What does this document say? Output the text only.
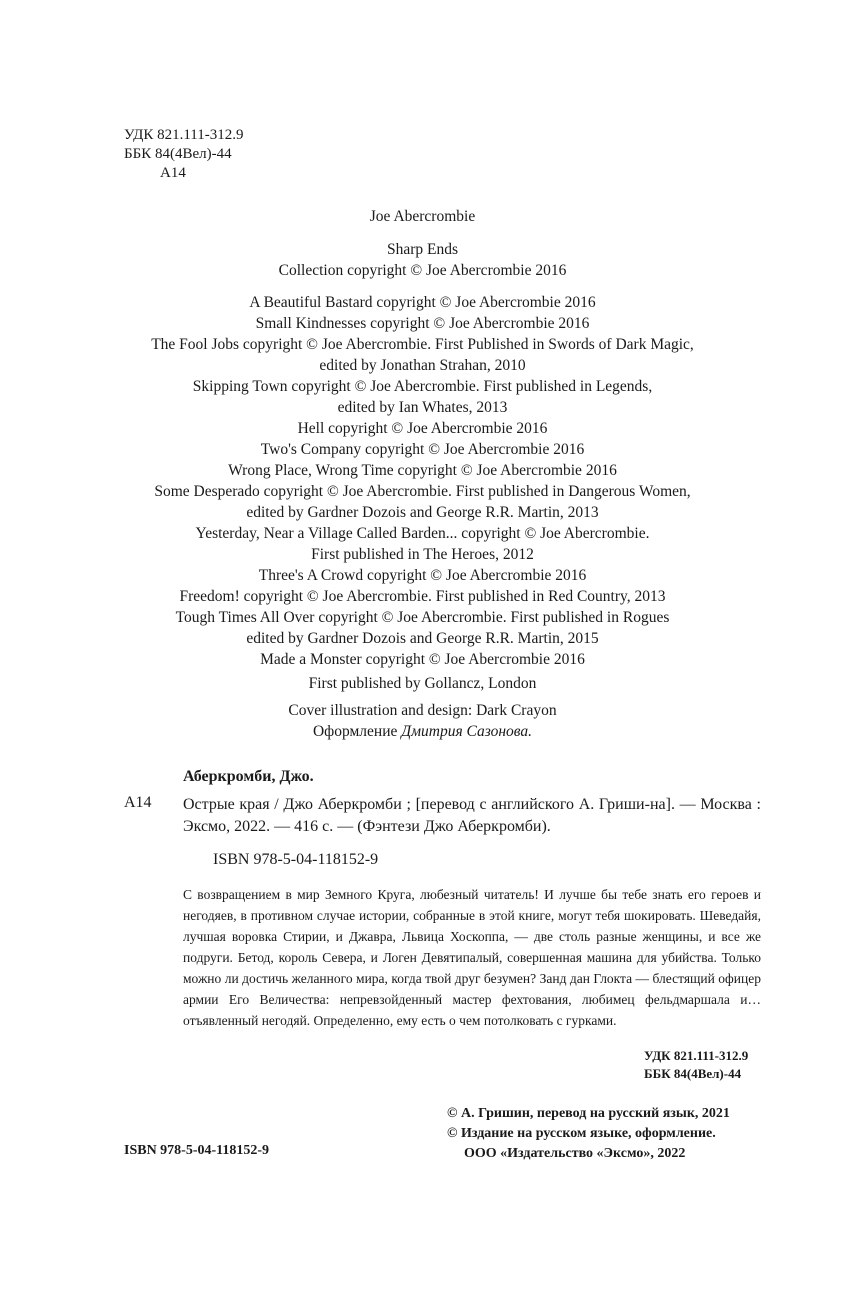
УДК 821.111-312.9
ББК 84(4Вел)-44
А14
Joe Abercrombie
Sharp Ends
Collection copyright © Joe Abercrombie 2016
A Beautiful Bastard copyright © Joe Abercrombie 2016
Small Kindnesses copyright © Joe Abercrombie 2016
The Fool Jobs copyright © Joe Abercrombie. First Published in Swords of Dark Magic,
edited by Jonathan Strahan, 2010
Skipping Town copyright © Joe Abercrombie. First published in Legends,
edited by Ian Whates, 2013
Hell copyright © Joe Abercrombie 2016
Two's Company copyright © Joe Abercrombie 2016
Wrong Place, Wrong Time copyright © Joe Abercrombie 2016
Some Desperado copyright © Joe Abercrombie. First published in Dangerous Women,
edited by Gardner Dozois and George R.R. Martin, 2013
Yesterday, Near a Village Called Barden... copyright © Joe Abercrombie.
First published in The Heroes, 2012
Three's A Crowd copyright © Joe Abercrombie 2016
Freedom! copyright © Joe Abercrombie. First published in Red Country, 2013
Tough Times All Over copyright © Joe Abercrombie. First published in Rogues
edited by Gardner Dozois and George R.R. Martin, 2015
Made a Monster copyright © Joe Abercrombie 2016
First published by Gollancz, London
Cover illustration and design: Dark Crayon
Оформление Дмитрия Сазонова.
Аберкромби, Джо.
А14 Острые края / Джо Аберкромби ; [перевод с английского А. Гриши-на]. — Москва : Эксмо, 2022. — 416 с. — (Фэнтези Джо Аберкромби).
ISBN 978-5-04-118152-9
С возвращением в мир Земного Круга, любезный читатель! И лучше бы тебе знать его героев и негодяев, в противном случае истории, собранные в этой книге, могут тебя шокировать. Шеведайя, лучшая воровка Стирии, и Джавра, Львица Хоскоппа, — две столь разные женщины, и все же подруги. Бетод, король Севера, и Логен Девятипалый, совершенная машина для убийства. Только можно ли достичь желанного мира, когда твой друг безумен? Занд дан Глокта — блестящий офицер армии Его Величества: непревзойденный мастер фехтования, любимец фельдмаршала и… отъявленный негодяй. Определенно, ему есть о чем потолковать с гурками.
УДК 821.111-312.9
ББК 84(4Вел)-44
ISBN 978-5-04-118152-9
© А. Гришин, перевод на русский язык, 2021
© Издание на русском языке, оформление.
ООО «Издательство «Эксмо», 2022
